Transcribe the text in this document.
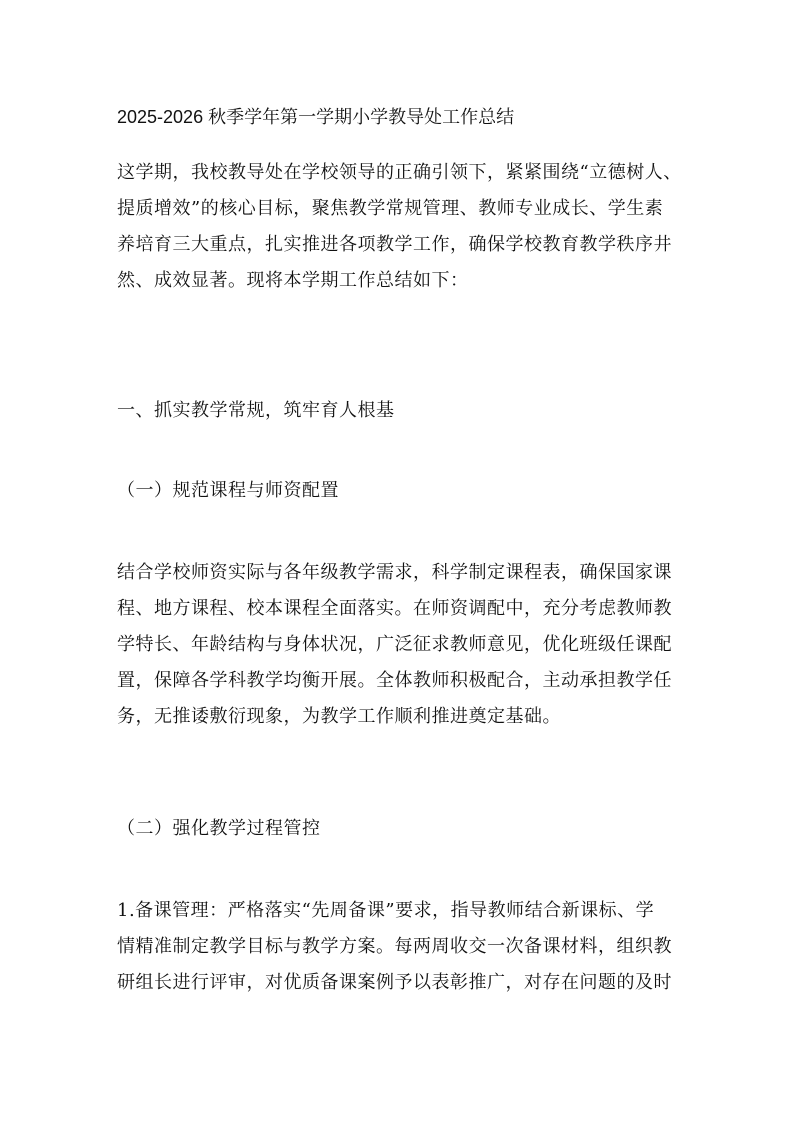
2025-2026 秋季学年第一学期小学教导处工作总结
这学期，我校教导处在学校领导的正确引领下，紧紧围绕“立德树人、
提质增效”的核心目标，聚焦教学常规管理、教师专业成长、学生素
养培育三大重点，扎实推进各项教学工作，确保学校教育教学秩序井
然、成效显著。现将本学期工作总结如下：
一、抓实教学常规，筑牢育人根基
（一）规范课程与师资配置
结合学校师资实际与各年级教学需求，科学制定课程表，确保国家课
程、地方课程、校本课程全面落实。在师资调配中，充分考虑教师教
学特长、年龄结构与身体状况，广泛征求教师意见，优化班级任课配
置，保障各学科教学均衡开展。全体教师积极配合，主动承担教学任
务，无推诿敷衍现象，为教学工作顺利推进奠定基础。
（二）强化教学过程管控
1.备课管理：严格落实“先周备课”要求，指导教师结合新课标、学
情精准制定教学目标与教学方案。每两周收交一次备课材料，组织教
研组长进行评审，对优质备课案例予以表彰推广，对存在问题的及时
